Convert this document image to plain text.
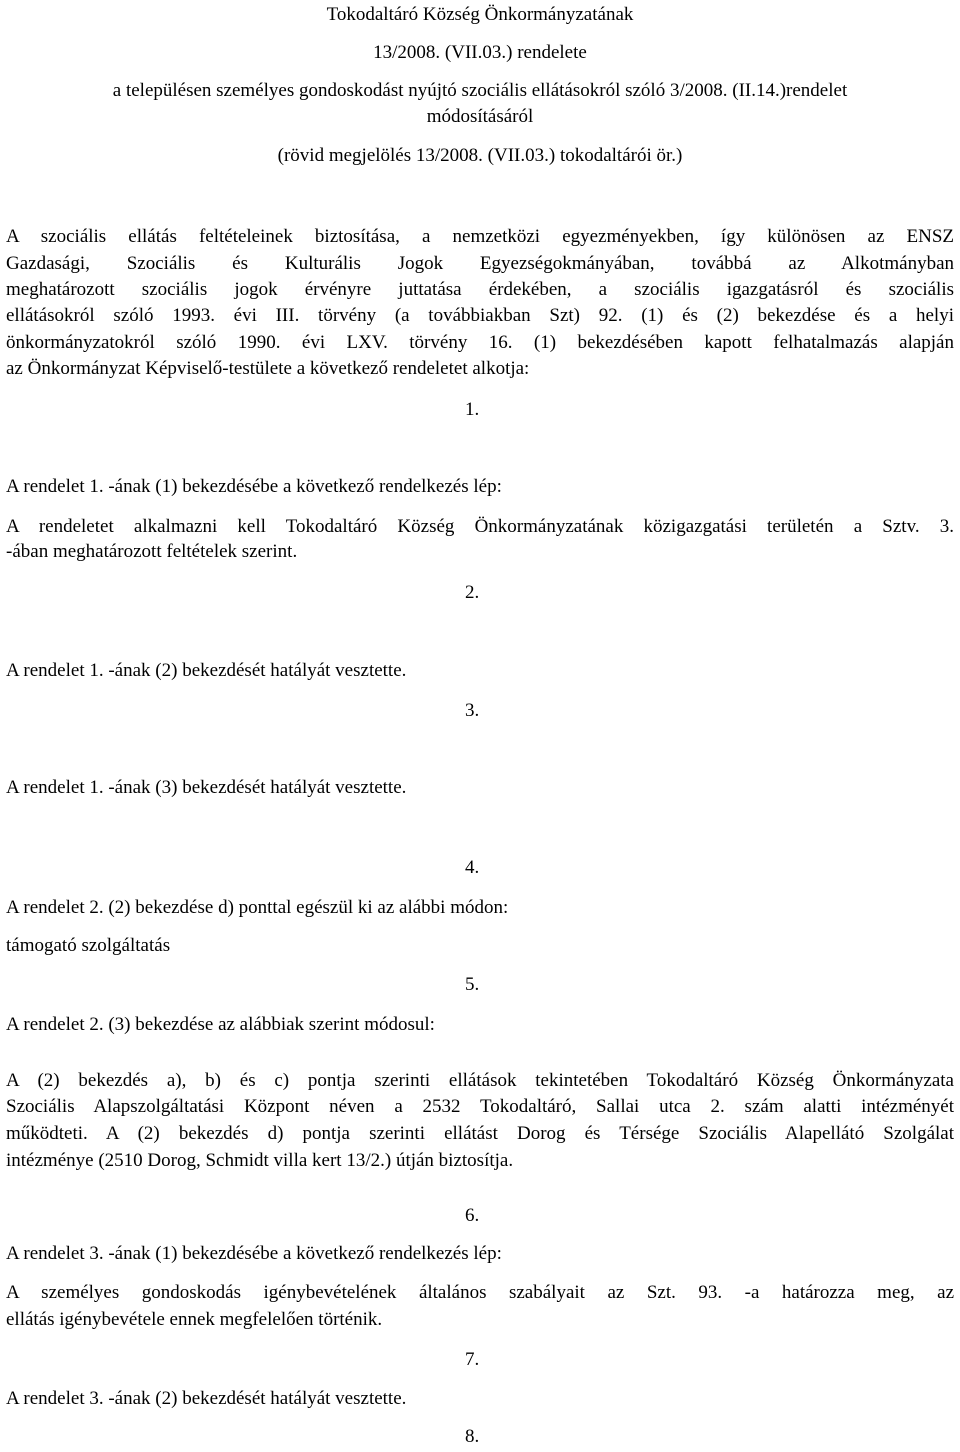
Tokodaltáró Község Önkormányzatának
13/2008. (VII.03.) rendelete
a településen személyes gondoskodást nyújtó szociális ellátásokról szóló 3/2008. (II.14.)rendelet
módosításáról
(rövid megjelölés 13/2008. (VII.03.) tokodaltárói ör.)
A szociális ellátás feltételeinek biztosítása, a nemzetközi egyezményekben, így különösen az ENSZ
Gazdasági, Szociális és Kulturális Jogok Egyezségokmányában, továbbá az Alkotmányban
meghatározott szociális jogok érvényre juttatása érdekében, a szociális igazgatásról és szociális
ellátásokról szóló 1993. évi III. törvény (a továbbiakban Szt) 92. (1) és (2) bekezdése és a helyi
önkormányzatokról szóló 1990. évi LXV. törvény 16. (1) bekezdésében kapott felhatalmazás alapján
az Önkormányzat Képviselő-testülete a következő rendeletet alkotja:
1.
A rendelet 1. -ának (1) bekezdésébe a következő rendelkezés lép:
A rendeletet alkalmazni kell Tokodaltáró Község Önkormányzatának közigazgatási területén a Sztv. 3.
-ában meghatározott feltételek szerint.
2.
A rendelet 1. -ának (2) bekezdését hatályát vesztette.
3.
A rendelet 1. -ának (3) bekezdését hatályát vesztette.
4.
A rendelet 2. (2) bekezdése d) ponttal egészül ki az alábbi módon:
támogató szolgáltatás
5.
A rendelet 2. (3) bekezdése az alábbiak szerint módosul:
A (2) bekezdés a), b) és c) pontja szerinti ellátások tekintetében Tokodaltáró Község Önkormányzata
Szociális Alapszolgáltatási Központ néven a 2532 Tokodaltáró, Sallai utca 2. szám alatti intézményét
működteti. A (2) bekezdés d) pontja szerinti ellátást Dorog és Térsége Szociális Alapellátó Szolgálat
intézménye (2510 Dorog, Schmidt villa kert 13/2.) útján biztosítja.
6.
A rendelet 3. -ának (1) bekezdésébe a következő rendelkezés lép:
A személyes gondoskodás igénybevételének általános szabályait az Szt. 93. -a határozza meg, az
ellátás igénybevétele ennek megfelelően történik.
7.
A rendelet 3. -ának (2) bekezdését hatályát vesztette.
8.
